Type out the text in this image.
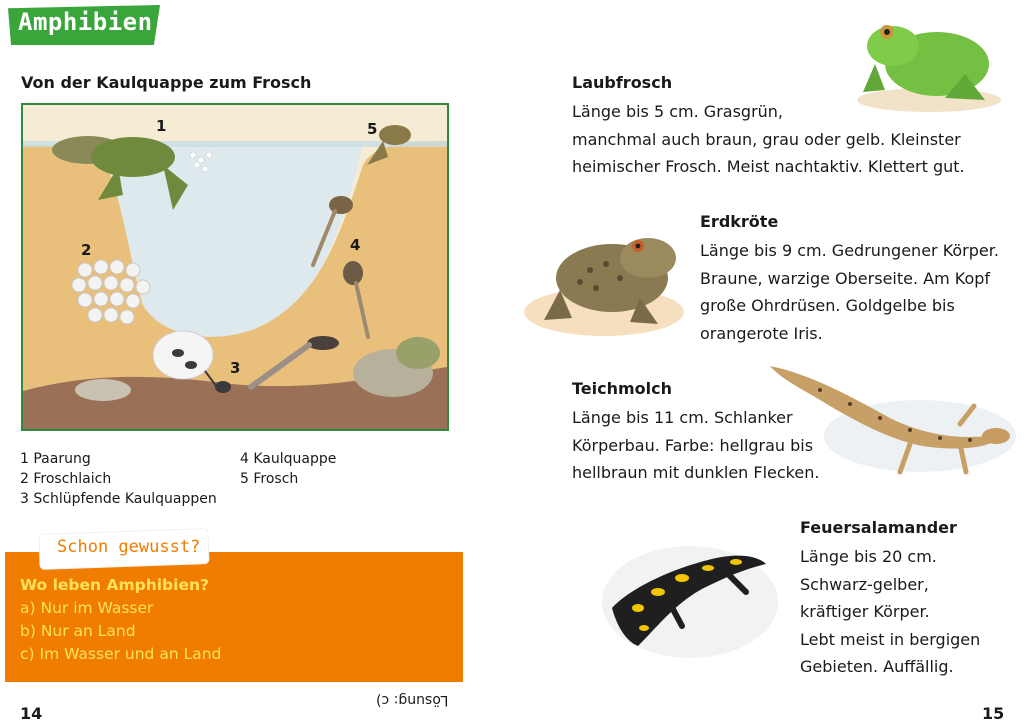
Amphibien
Von der Kaulquappe zum Frosch
1
2
3
4
5
1 Paarung
2 Froschlaich
3 Schlüpfende Kaulquappen
4 Kaulquappe
5 Frosch
Schon gewusst?
Wo leben Amphibien?
a) Nur im Wasser
b) Nur an Land
c) Im Wasser und an Land
Lösung: c)
14	15
Laubfrosch
Länge bis 5 cm. Grasgrün,
manchmal auch braun, grau oder gelb. Kleinster
heimischer Frosch. Meist nachtaktiv. Klettert gut.
Erdkröte
Länge bis 9 cm. Gedrungener Körper.
Braune, warzige Oberseite. Am Kopf
große Ohrdrüsen. Goldgelbe bis
orangerote Iris.
Teichmolch
Länge bis 11 cm. Schlanker
Körperbau. Farbe: hellgrau bis
hellbraun mit dunklen Flecken.
Feuersalamander
Länge bis 20 cm.
Schwarz-gelber,
kräftiger Körper.
Lebt meist in bergigen
Gebieten. Auffällig.
